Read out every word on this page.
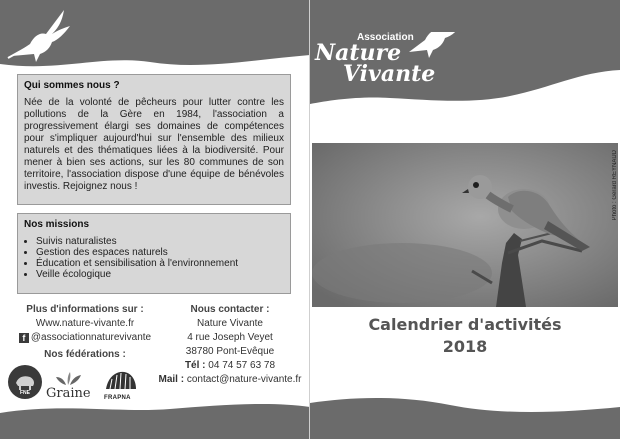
Qui sommes nous ?

Née de la volonté de pêcheurs pour lutter contre les pollutions de la Gère en 1984, l'association a progressivement élargi ses domaines de compétences pour s'impliquer aujourd'hui sur l'ensemble des milieux naturels et des thématiques liées à la biodiversité. Pour mener à bien ses actions, sur les 80 communes de son territoire, l'association dispose d'une équipe de bénévoles investis. Rejoignez nous !

Nos missions
• Suivis naturalistes
• Gestion des espaces naturels
• Éducation et sensibilisation à l'environnement
• Veille écologique
Plus d'informations sur :
Www.nature-vivante.fr
f @associationnaturevivante
Nos fédérations :
Nous contacter :
Nature Vivante
4 rue Joseph Veyet
38780 Pont-Evêque
Tél : 04 74 57 63 78
Mail : contact@nature-vivante.fr
FNE	Graine FRAPNA
Association
Nature
Vivante
Photo : Gerard REYNAUD
Calendrier d'activités
2018
